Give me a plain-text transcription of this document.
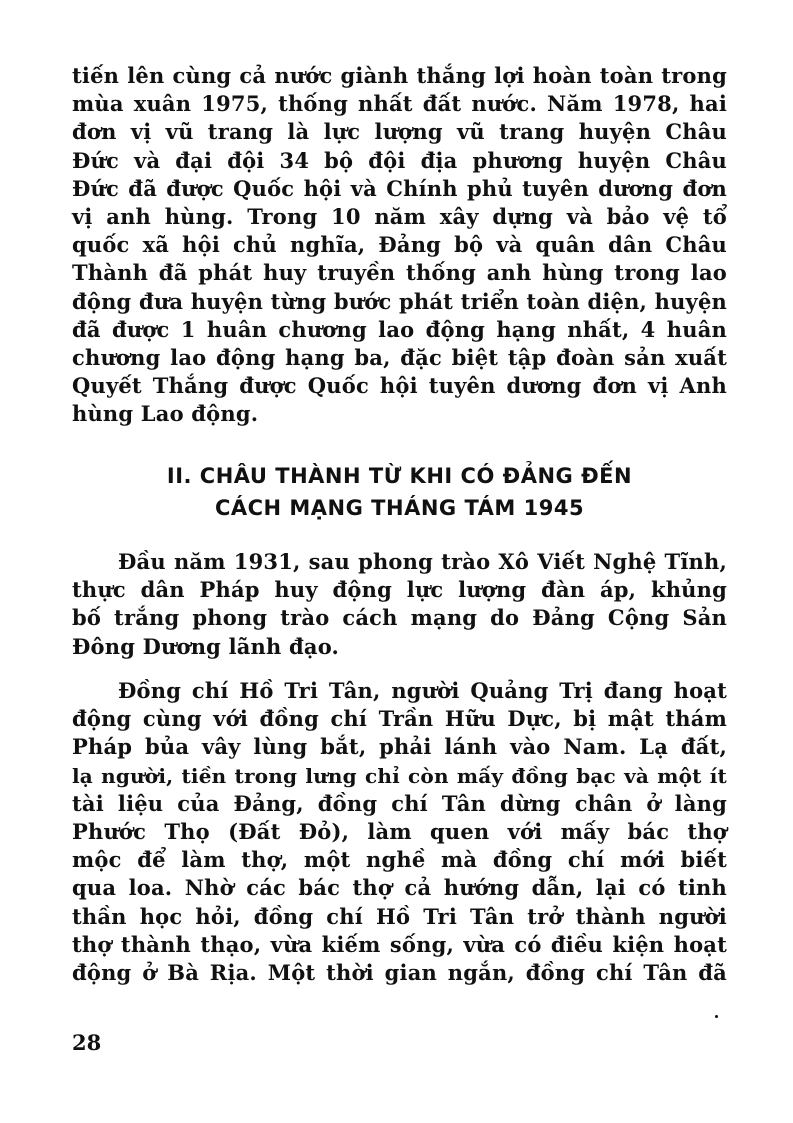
tiến lên cùng cả nước giành thắng lợi hoàn toàn trong
mùa xuân 1975, thống nhất đất nước. Năm 1978, hai
đơn vị vũ trang là lực lượng vũ trang huyện Châu
Đức và đại đội 34 bộ đội địa phương huyện Châu
Đức đã được Quốc hội và Chính phủ tuyên dương đơn
vị anh hùng. Trong 10 năm xây dựng và bảo vệ tổ
quốc xã hội chủ nghĩa, Đảng bộ và quân dân Châu
Thành đã phát huy truyền thống anh hùng trong lao
động đưa huyện từng bước phát triển toàn diện, huyện
đã được 1 huân chương lao động hạng nhất, 4 huân
chương lao động hạng ba, đặc biệt tập đoàn sản xuất
Quyết Thắng được Quốc hội tuyên dương đơn vị Anh
hùng Lao động.
II. CHÂU THÀNH TỪ KHI CÓ ĐẢNG ĐẾN
CÁCH MẠNG THÁNG TÁM 1945
Đầu năm 1931, sau phong trào Xô Viết Nghệ Tĩnh,
thực dân Pháp huy động lực lượng đàn áp, khủng
bố trắng phong trào cách mạng do Đảng Cộng Sản
Đông Dương lãnh đạo.
Đồng chí Hồ Tri Tân, người Quảng Trị đang hoạt
động cùng với đồng chí Trần Hữu Dực, bị mật thám
Pháp bủa vây lùng bắt, phải lánh vào Nam. Lạ đất,
lạ người, tiền trong lưng chỉ còn mấy đồng bạc và một ít
tài liệu của Đảng, đồng chí Tân dừng chân ở làng
Phước Thọ (Đất Đỏ), làm quen với mấy bác thợ
mộc để làm thợ, một nghề mà đồng chí mới biết
qua loa. Nhờ các bác thợ cả hướng dẫn, lại có tinh
thần học hỏi, đồng chí Hồ Tri Tân trở thành người
thợ thành thạo, vừa kiếm sống, vừa có điều kiện hoạt
động ở Bà Rịa. Một thời gian ngắn, đồng chí Tân đã
28
